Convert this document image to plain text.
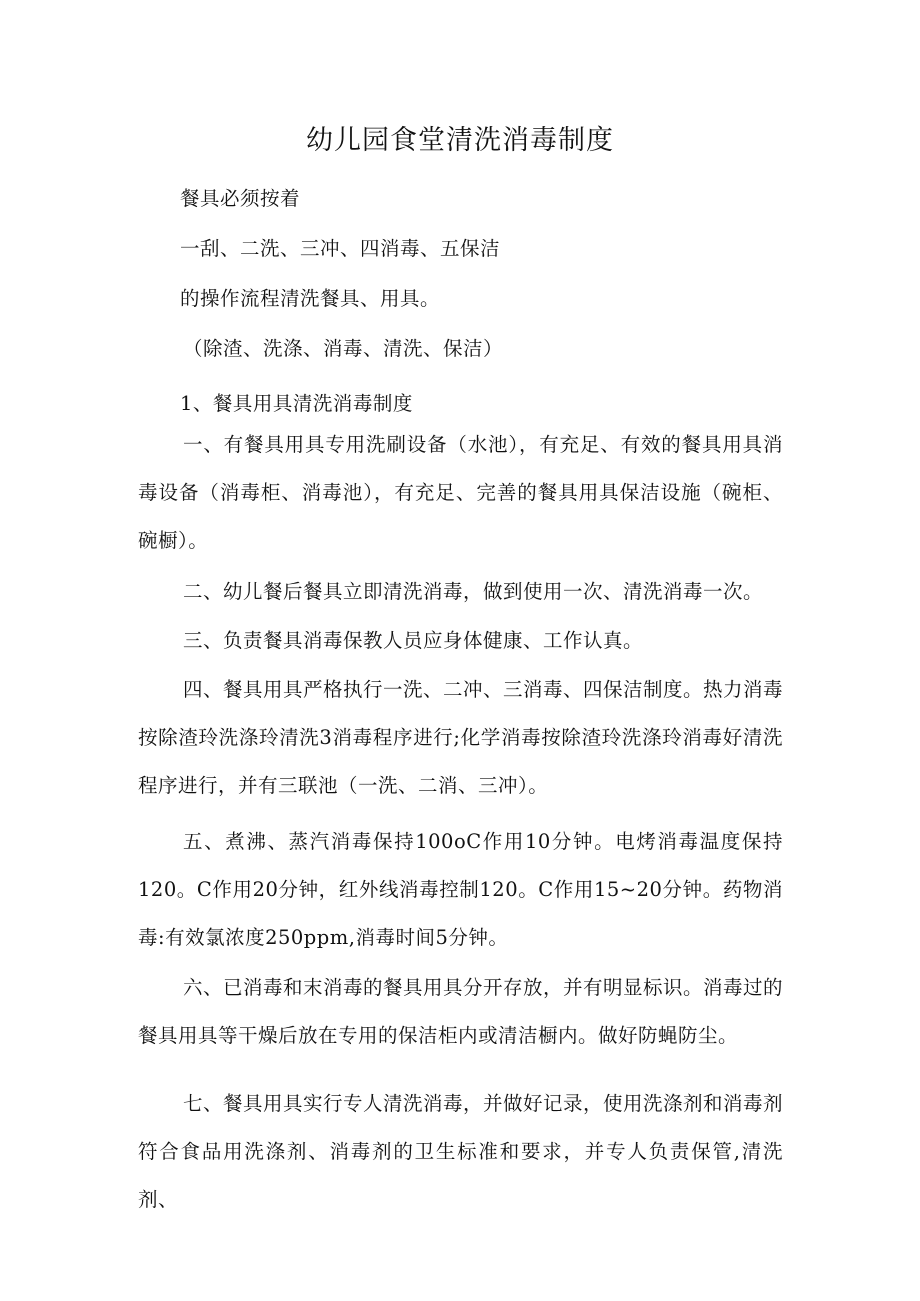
幼儿园食堂清洗消毒制度
餐具必须按着
一刮、二洗、三冲、四消毒、五保洁
的操作流程清洗餐具、用具。
（除渣、洗涤、消毒、清洗、保洁）
1、餐具用具清洗消毒制度
一、有餐具用具专用洗刷设备（水池），有充足、有效的餐具用具消毒设备（消毒柜、消毒池），有充足、完善的餐具用具保洁设施（碗柜、碗橱）。
二、幼儿餐后餐具立即清洗消毒，做到使用一次、清洗消毒一次。
三、负责餐具消毒保教人员应身体健康、工作认真。
四、餐具用具严格执行一洗、二冲、三消毒、四保洁制度。热力消毒按除渣玲洗涤玲清洗3消毒程序进行;化学消毒按除渣玲洗涤玲消毒好清洗程序进行，并有三联池（一洗、二消、三冲）。
五、煮沸、蒸汽消毒保持100oC作用10分钟。电烤消毒温度保持120。C作用20分钟，红外线消毒控制120。C作用15~20分钟。药物消毒:有效氯浓度250ppm,消毒时间5分钟。
六、已消毒和末消毒的餐具用具分开存放，并有明显标识。消毒过的餐具用具等干燥后放在专用的保洁柜内或清洁橱内。做好防蝇防尘。
七、餐具用具实行专人清洗消毒，并做好记录，使用洗涤剂和消毒剂符合食品用洗涤剂、消毒剂的卫生标准和要求，并专人负责保管,清洗剂、
